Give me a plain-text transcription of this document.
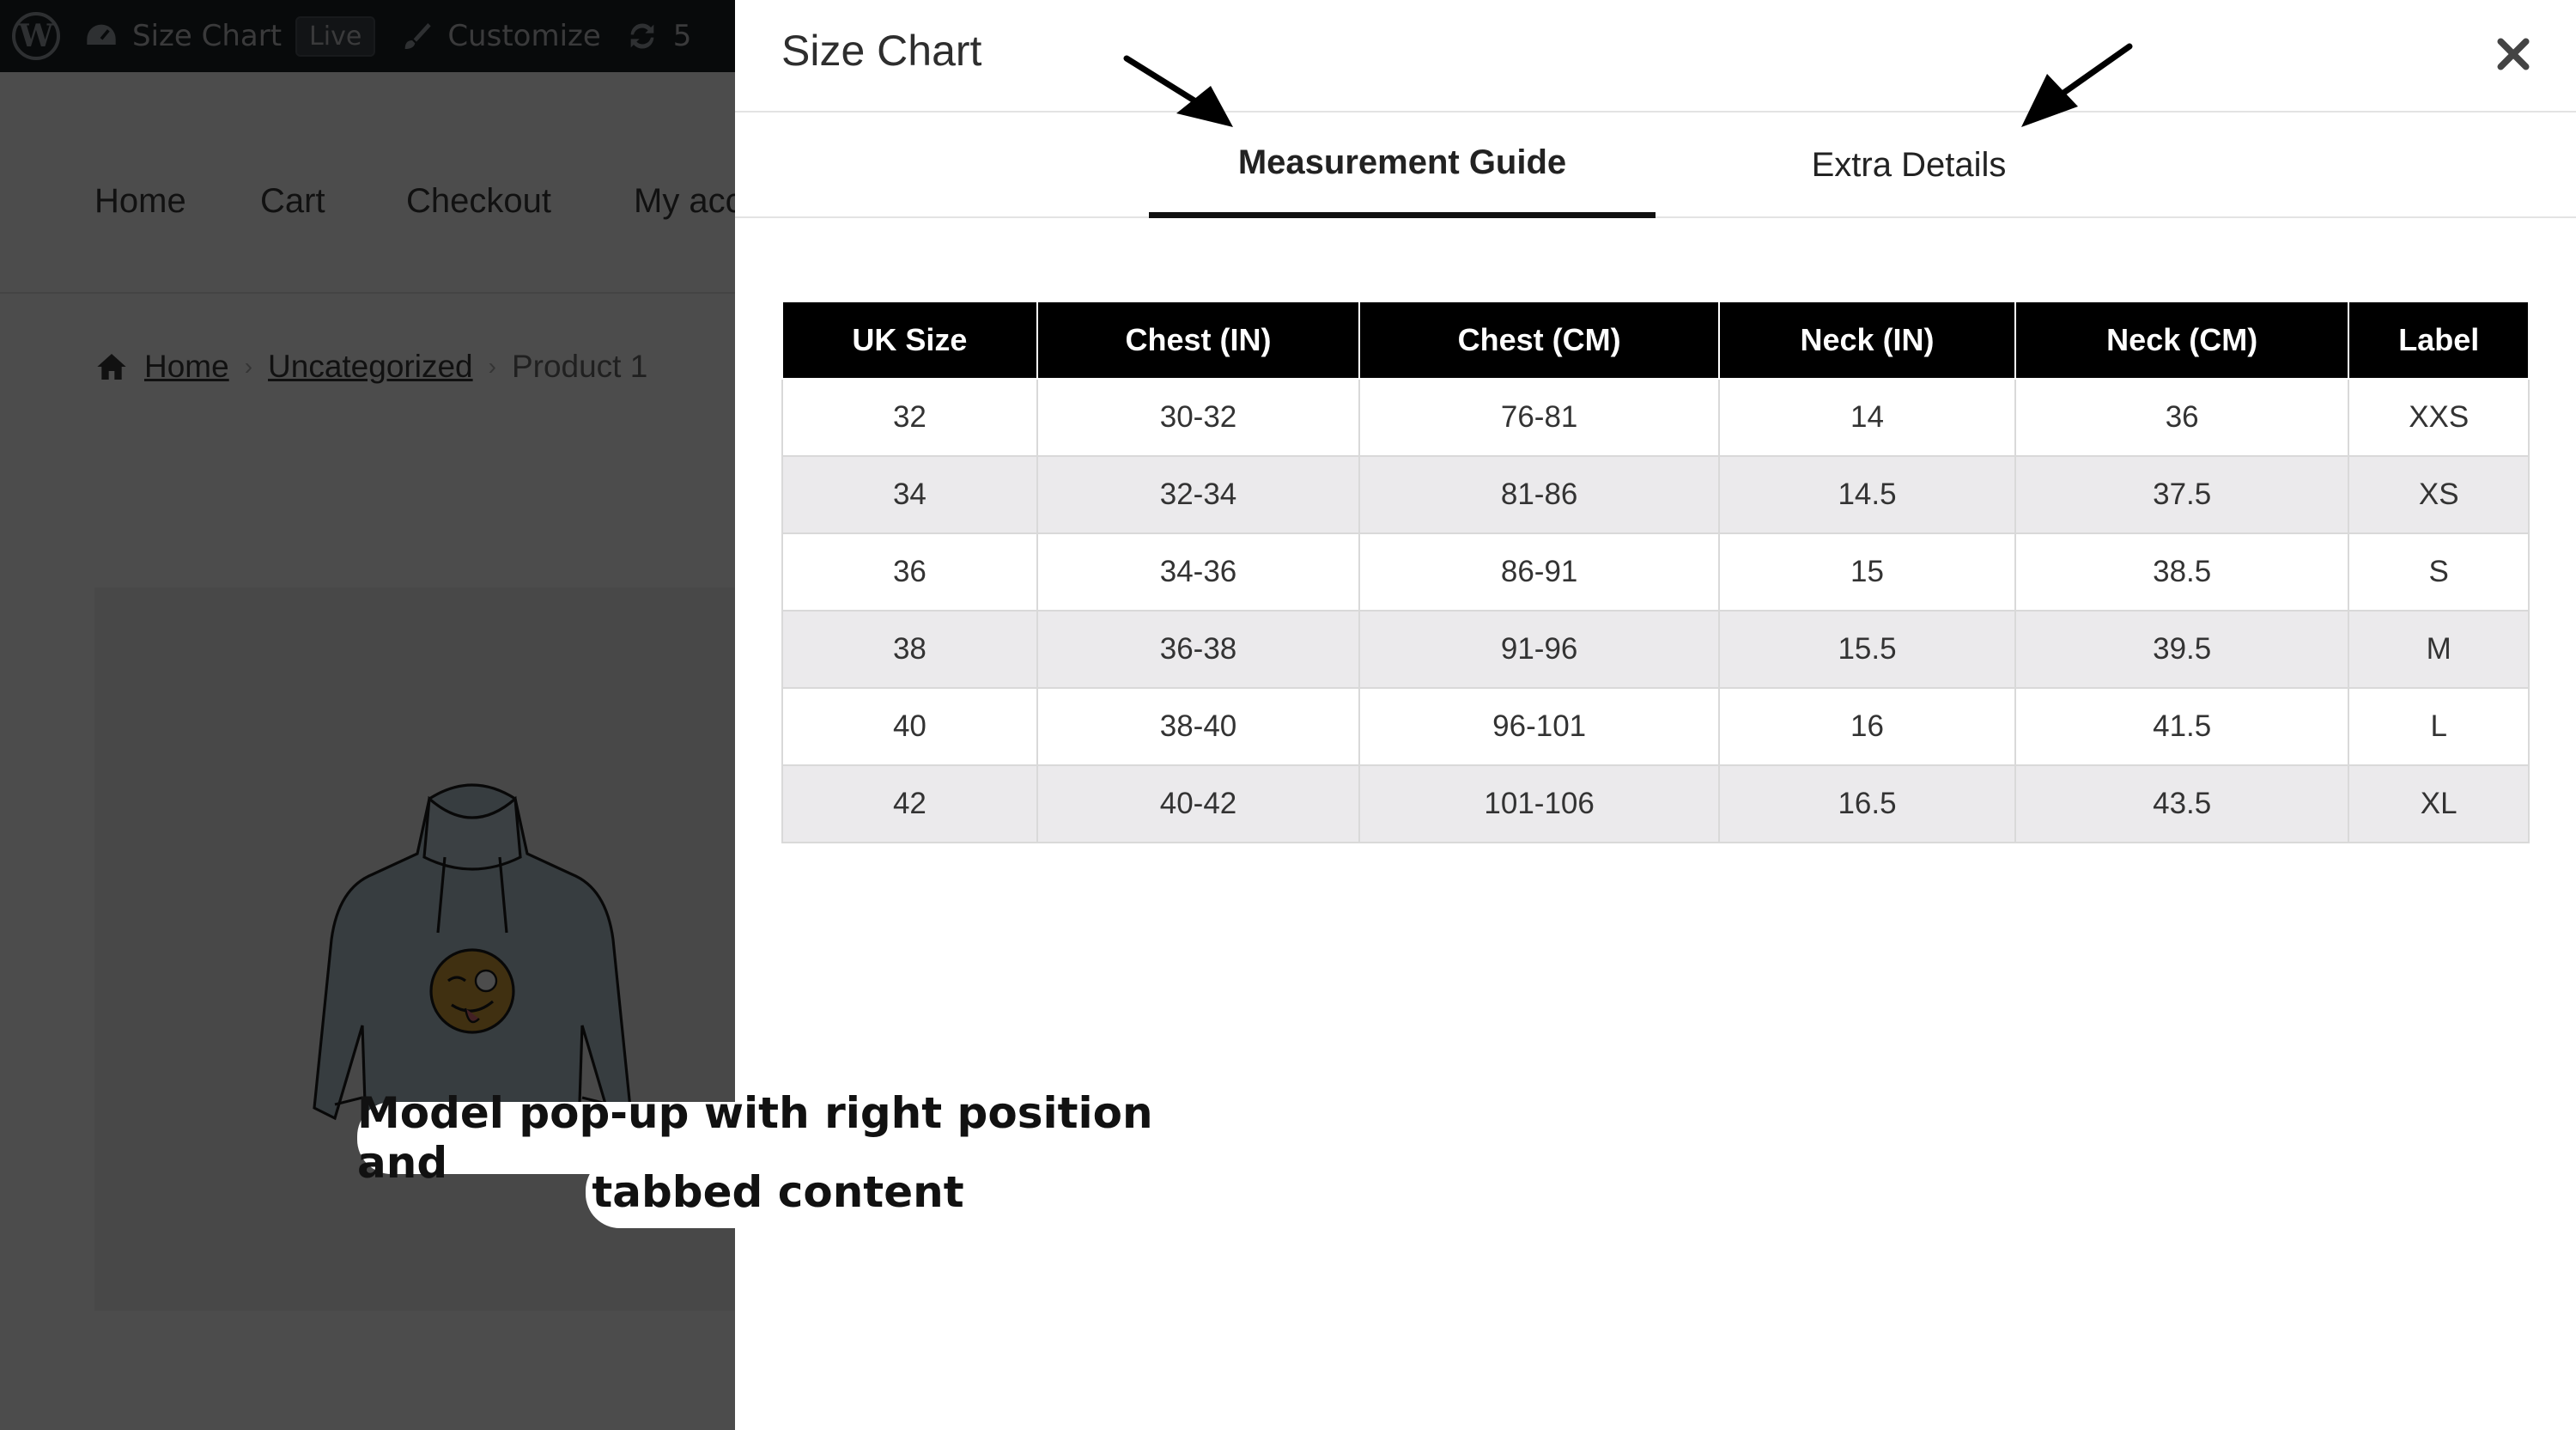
Size Chart
Measurement Guide	Extra Details
UK Size	Chest (IN)	Chest (CM)	Neck (IN)	Neck (CM)	Label
32	30-32	76-81	14	36	XXS
34	32-34	81-86	14.5	37.5	XS
36	34-36	86-91	15	38.5	S
38	36-38	91-96	15.5	39.5	M
40	38-40	96-101	16	41.5	L
42	40-42	101-106	16.5	43.5	XL
Model pop-up with right position and
tabbed content
